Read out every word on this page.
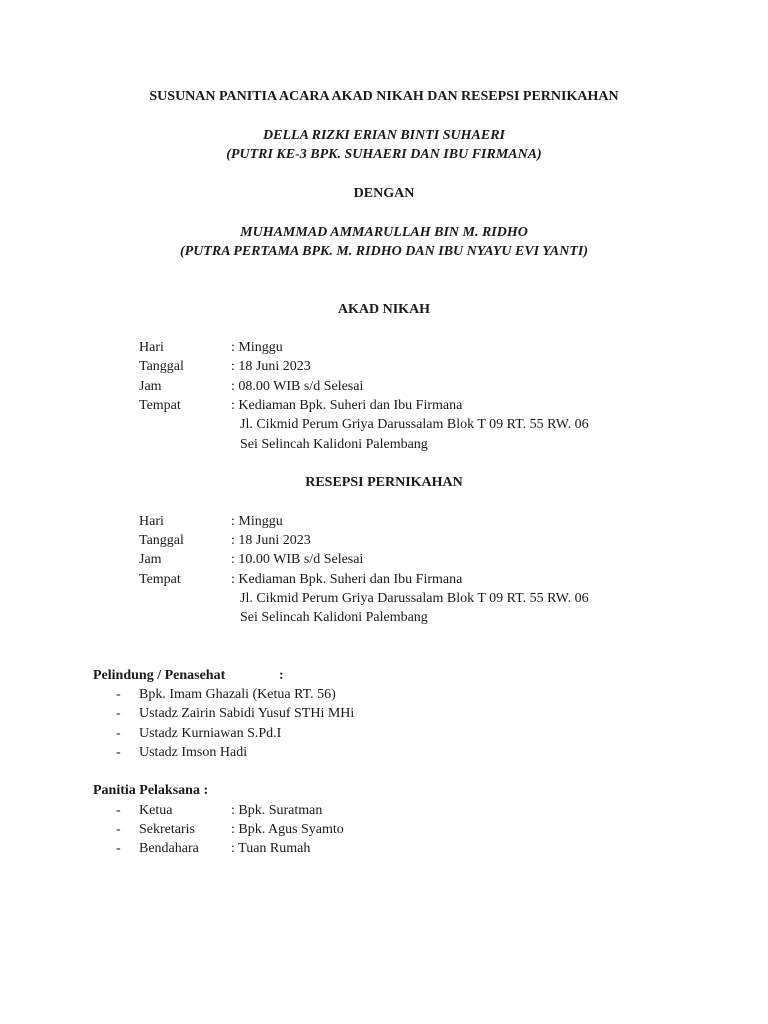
SUSUNAN PANITIA ACARA AKAD NIKAH DAN RESEPSI PERNIKAHAN
DELLA RIZKI ERIAN BINTI SUHAERI
(PUTRI KE-3 BPK. SUHAERI DAN IBU FIRMANA)
DENGAN
MUHAMMAD AMMARULLAH BIN M. RIDHO
(PUTRA PERTAMA BPK. M. RIDHO DAN IBU NYAYU EVI YANTI)
AKAD NIKAH
Hari	: Minggu
Tanggal	: 18 Juni 2023
Jam	: 08.00 WIB s/d Selesai
Tempat	: Kediaman Bpk. Suheri dan Ibu Firmana
Jl. Cikmid Perum Griya Darussalam Blok T 09 RT. 55 RW. 06
Sei Selincah Kalidoni Palembang
RESEPSI PERNIKAHAN
Hari	: Minggu
Tanggal	: 18 Juni 2023
Jam	: 10.00 WIB s/d Selesai
Tempat	: Kediaman Bpk. Suheri dan Ibu Firmana
Jl. Cikmid Perum Griya Darussalam Blok T 09 RT. 55 RW. 06
Sei Selincah Kalidoni Palembang
Pelindung / Penasehat	:
- Bpk. Imam Ghazali (Ketua RT. 56)
- Ustadz Zairin Sabidi Yusuf STHi MHi
- Ustadz Kurniawan S.Pd.I
- Ustadz Imson Hadi
Panitia Pelaksana :
- Ketua	: Bpk. Suratman
- Sekretaris	: Bpk. Agus Syamto
- Bendahara : Tuan Rumah
